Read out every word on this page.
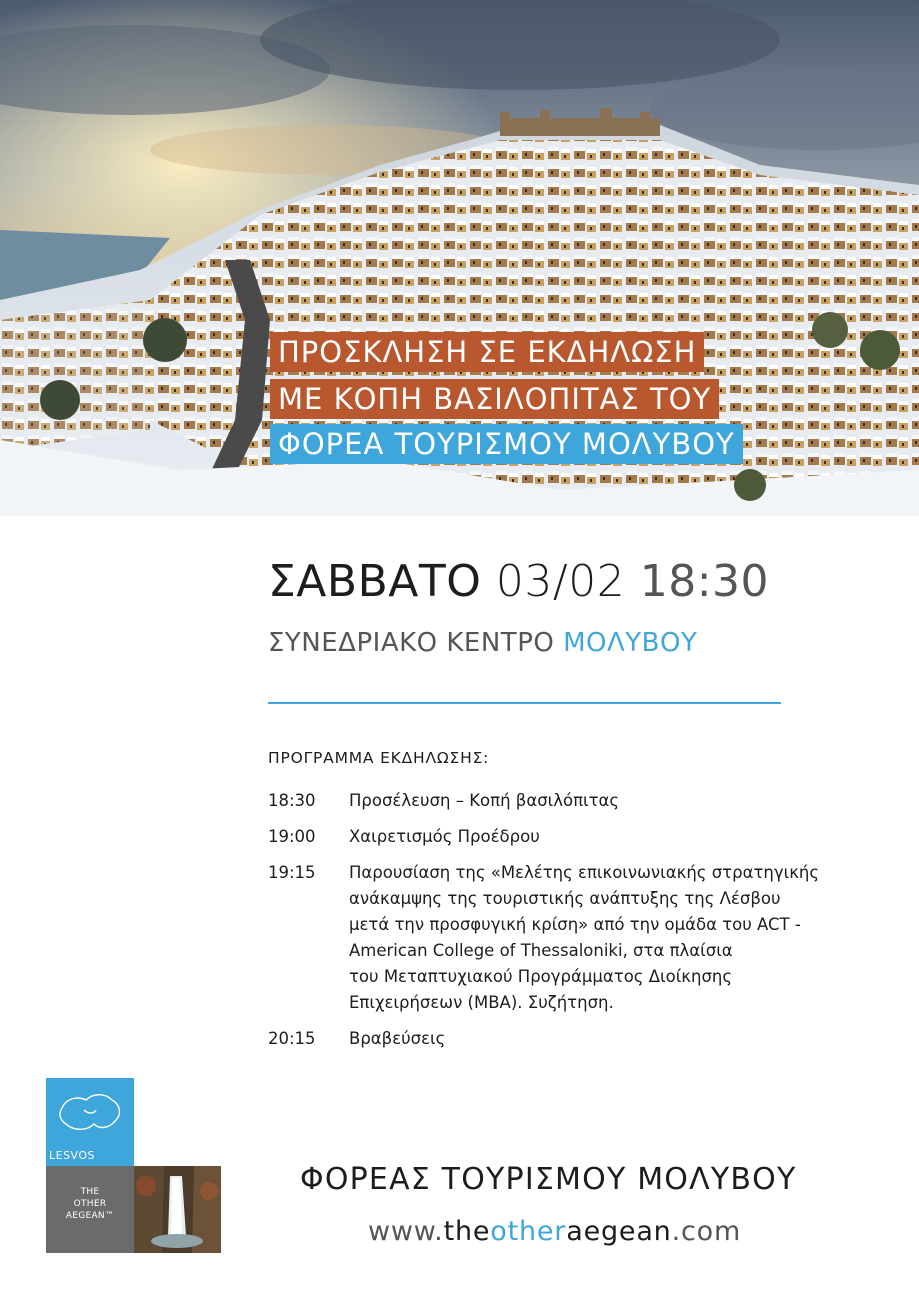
ΠΡΟΣΚΛΗΣΗ ΣΕ ΕΚΔΗΛΩΣΗ
ΜΕ ΚΟΠΗ ΒΑΣΙΛΟΠΙΤΑΣ ΤΟΥ
ΦΟΡΕΑ ΤΟΥΡΙΣΜΟΥ ΜΟΛΥΒΟΥ
ΣΑΒΒΑΤΟ 03/02 18:30
ΣΥΝΕΔΡΙΑΚΟ ΚΕΝΤΡΟ ΜΟΛΥΒΟΥ
ΠΡΟΓΡΑΜΜΑ ΕΚΔΗΛΩΣΗΣ:
18:30	Προσέλευση – Κοπή βασιλόπιτας
19:00	Χαιρετισμός Προέδρου
19:15	Παρουσίαση της «Μελέτης επικοινωνιακής στρατηγικής
ανάκαμψης της τουριστικής ανάπτυξης της Λέσβου
μετά την προσφυγική κρίση» από την ομάδα του ACT -
American College of Thessaloniki, στα πλαίσια
του Μεταπτυχιακού Προγράμματος Διοίκησης
Επιχειρήσεων (MBA). Συζήτηση.
20:15	Βραβεύσεις
LESVOS
THE
OTHER
AEGEAN™
ΦΟΡΕΑΣ ΤΟΥΡΙΣΜΟΥ ΜΟΛΥΒΟΥ
www.theotheraegean.com
